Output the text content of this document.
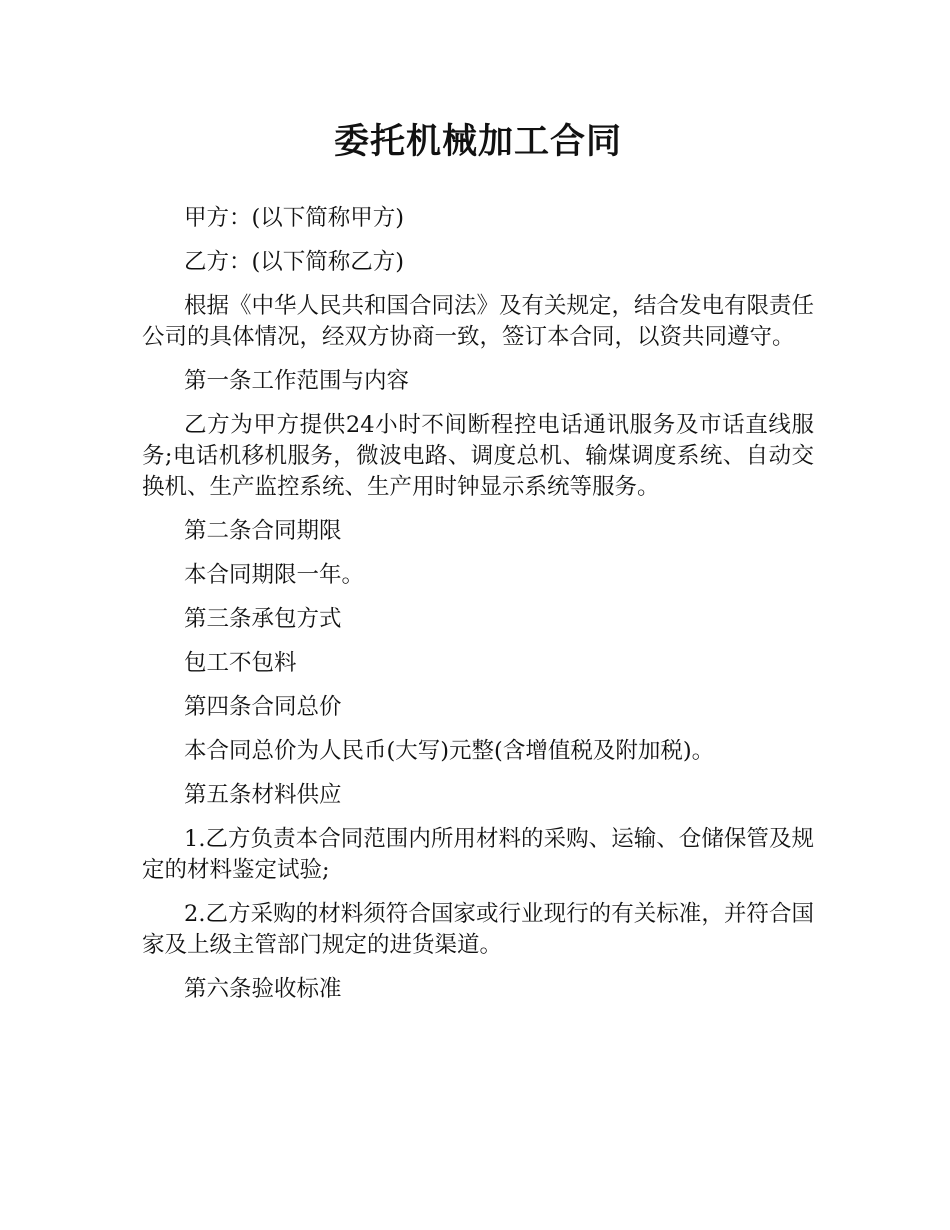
委托机械加工合同

甲方：(以下简称甲方)

乙方：(以下简称乙方)

根据《中华人民共和国合同法》及有关规定，结合发电有限责任公司的具体情况，经双方协商一致，签订本合同，以资共同遵守。

第一条工作范围与内容

乙方为甲方提供24小时不间断程控电话通讯服务及市话直线服务;电话机移机服务，微波电路、调度总机、输煤调度系统、自动交换机、生产监控系统、生产用时钟显示系统等服务。

第二条合同期限

本合同期限一年。

第三条承包方式

包工不包料

第四条合同总价

本合同总价为人民币(大写)元整(含增值税及附加税)。

第五条材料供应

1.乙方负责本合同范围内所用材料的采购、运输、仓储保管及规定的材料鉴定试验;

2.乙方采购的材料须符合国家或行业现行的有关标准，并符合国家及上级主管部门规定的进货渠道。

第六条验收标准
